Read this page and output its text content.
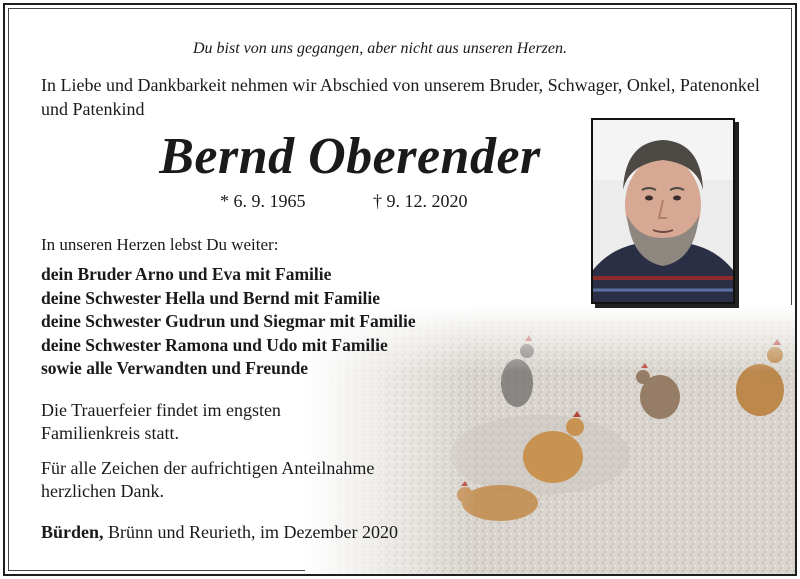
Du bist von uns gegangen, aber nicht aus unseren Herzen.
In Liebe und Dankbarkeit nehmen wir Abschied von unserem Bruder, Schwager, Onkel, Patenonkel und Patenkind
Bernd Oberender
* 6. 9. 1965	† 9. 12. 2020
In unseren Herzen lebst Du weiter:
dein Bruder Arno und Eva mit Familie
deine Schwester Hella und Bernd mit Familie
deine Schwester Gudrun und Siegmar mit Familie
deine Schwester Ramona und Udo mit Familie
sowie alle Verwandten und Freunde
Die Trauerfeier findet im engsten Familienkreis statt.
Für alle Zeichen der aufrichtigen Anteilnahme herzlichen Dank.
Bürden, Brünn und Reurieth, im Dezember 2020
